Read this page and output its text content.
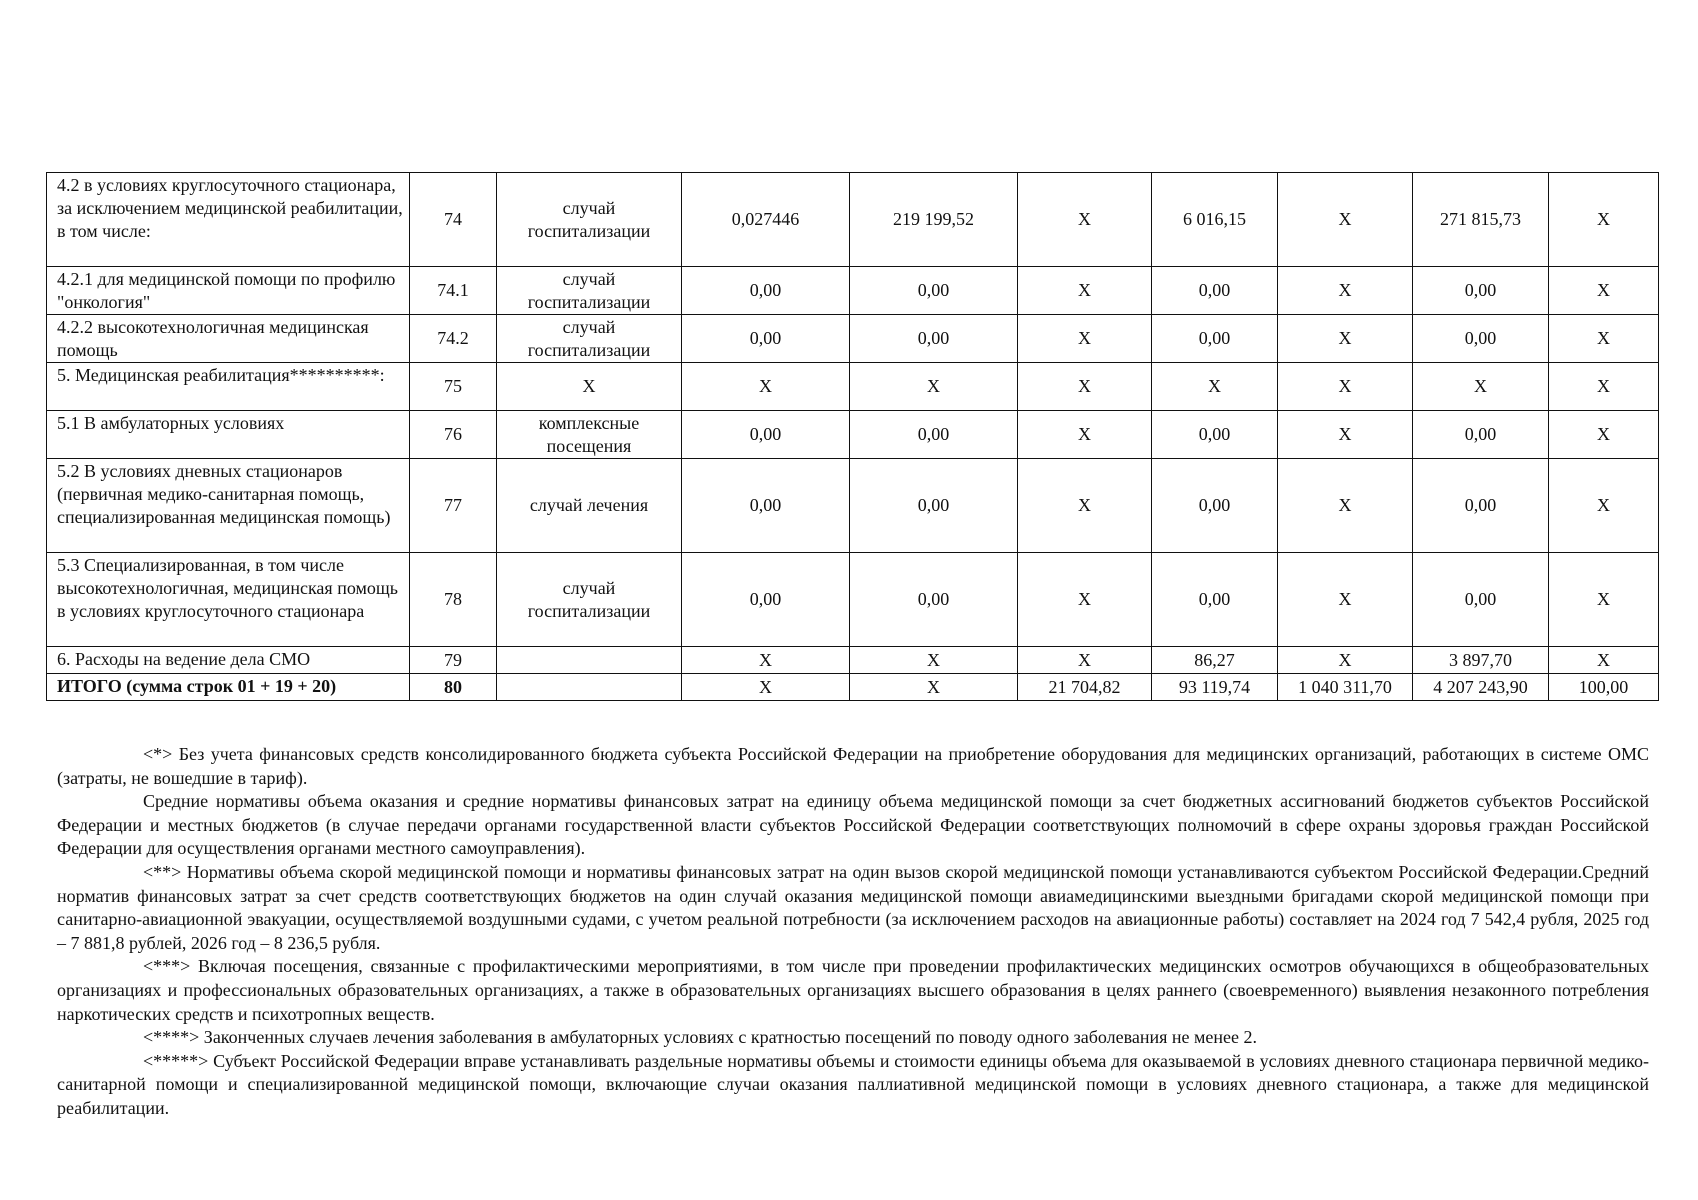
4.2 в условиях круглосуточного стационара, за исключением медицинской реабилитации, в том числе:	74	случай госпитализации	0,027446	219 199,52	X	6 016,15	X	271 815,73	X
4.2.1 для медицинской помощи по профилю "онкология"	74.1	случай госпитализации	0,00	0,00	X	0,00	X	0,00	X
4.2.2 высокотехнологичная медицинская помощь	74.2	случай госпитализации	0,00	0,00	X	0,00	X	0,00	X
5. Медицинская реабилитация**********:	75	X	X	X	X	X	X	X	X
5.1 В амбулаторных условиях	76	комплексные посещения	0,00	0,00	X	0,00	X	0,00	X
5.2 В условиях дневных стационаров (первичная медико-санитарная помощь, специализированная медицинская помощь)	77	случай лечения	0,00	0,00	X	0,00	X	0,00	X
5.3 Специализированная, в том числе высокотехнологичная, медицинская помощь в условиях круглосуточного стационара	78	случай госпитализации	0,00	0,00	X	0,00	X	0,00	X
6. Расходы на ведение дела СМО	79		X	X	X	86,27	X	3 897,70	X
ИТОГО (сумма строк 01 + 19 + 20)	80		X	X	21 704,82	93 119,74	1 040 311,70	4 207 243,90	100,00

<*> Без учета финансовых средств консолидированного бюджета субъекта Российской Федерации на приобретение оборудования для медицинских организаций, работающих в системе ОМС (затраты, не вошедшие в тариф).

Средние нормативы объема оказания и средние нормативы финансовых затрат на единицу объема медицинской помощи за счет бюджетных ассигнований бюджетов субъектов Российской Федерации и местных бюджетов (в случае передачи органами государственной власти субъектов Российской Федерации соответствующих полномочий в сфере охраны здоровья граждан Российской Федерации для осуществления органами местного самоуправления).

<**> Нормативы объема скорой медицинской помощи и нормативы финансовых затрат на один вызов скорой медицинской помощи устанавливаются субъектом Российской Федерации.Средний норматив финансовых затрат за счет средств соответствующих бюджетов на один случай оказания медицинской помощи авиамедицинскими выездными бригадами скорой медицинской помощи при санитарно-авиационной эвакуации, осуществляемой воздушными судами, с учетом реальной потребности (за исключением расходов на авиационные работы) составляет на 2024 год 7 542,4 рубля, 2025 год – 7 881,8 рублей, 2026 год – 8 236,5 рубля.

<***> Включая посещения, связанные с профилактическими мероприятиями, в том числе при проведении профилактических медицинских осмотров обучающихся в общеобразовательных организациях и профессиональных образовательных организациях, а также в образовательных организациях высшего образования в целях раннего (своевременного) выявления незаконного потребления наркотических средств и психотропных веществ.

<****> Законченных случаев лечения заболевания в амбулаторных условиях с кратностью посещений по поводу одного заболевания не менее 2.

<*****> Субъект Российской Федерации вправе устанавливать раздельные нормативы объемы и стоимости единицы объема для оказываемой в условиях дневного стационара первичной медико-санитарной помощи и специализированной медицинской помощи, включающие случаи оказания паллиативной медицинской помощи в условиях дневного стационара, а также для медицинской реабилитации.
